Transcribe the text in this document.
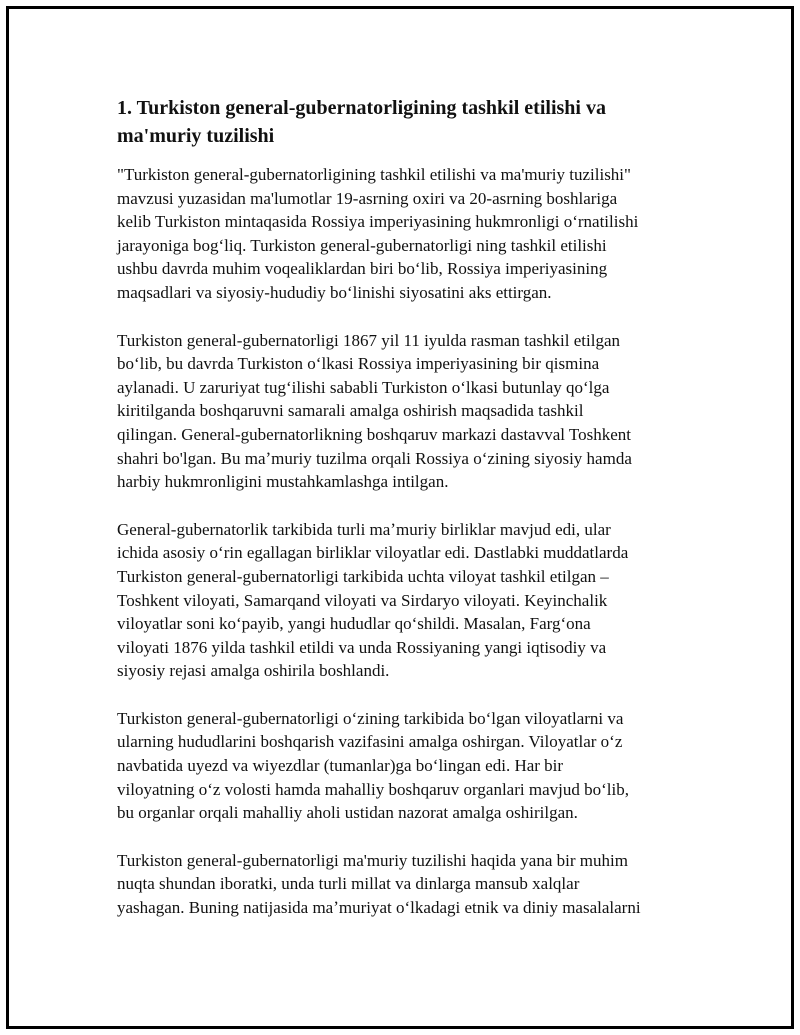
1. Turkiston general-gubernatorligining tashkil etilishi va
ma'muriy tuzilishi

"Turkiston general-gubernatorligining tashkil etilishi va ma'muriy tuzilishi"
mavzusi yuzasidan ma'lumotlar 19-asrning oxiri va 20-asrning boshlariga
kelib Turkiston mintaqasida Rossiya imperiyasining hukmronligi oʻrnatilishi
jarayoniga bogʻliq. Turkiston general-gubernatorligi ning tashkil etilishi
ushbu davrda muhim voqealiklardan biri boʻlib, Rossiya imperiyasining
maqsadlari va siyosiy-hududiy boʻlinishi siyosatini aks ettirgan.

Turkiston general-gubernatorligi 1867 yil 11 iyulda rasman tashkil etilgan
boʻlib, bu davrda Turkiston oʻlkasi Rossiya imperiyasining bir qismina
aylanadi. U zaruriyat tugʻilishi sababli Turkiston oʻlkasi butunlay qoʻlga
kiritilganda boshqaruvni samarali amalga oshirish maqsadida tashkil
qilingan. General-gubernatorlikning boshqaruv markazi dastavval Toshkent
shahri bo'lgan. Bu maʼmuriy tuzilma orqali Rossiya oʻzining siyosiy hamda
harbiy hukmronligini mustahkamlashga intilgan.

General-gubernatorlik tarkibida turli maʼmuriy birliklar mavjud edi, ular
ichida asosiy oʻrin egallagan birliklar viloyatlar edi. Dastlabki muddatlarda
Turkiston general-gubernatorligi tarkibida uchta viloyat tashkil etilgan –
Toshkent viloyati, Samarqand viloyati va Sirdaryo viloyati. Keyinchalik
viloyatlar soni koʻpayib, yangi hududlar qoʻshildi. Masalan, Fargʻona
viloyati 1876 yilda tashkil etildi va unda Rossiyaning yangi iqtisodiy va
siyosiy rejasi amalga oshirila boshlandi.

Turkiston general-gubernatorligi oʻzining tarkibida boʻlgan viloyatlarni va
ularning hududlarini boshqarish vazifasini amalga oshirgan. Viloyatlar oʻz
navbatida uyezd va wiyezdlar (tumanlar)ga boʻlingan edi. Har bir
viloyatning oʻz volosti hamda mahalliy boshqaruv organlari mavjud boʻlib,
bu organlar orqali mahalliy aholi ustidan nazorat amalga oshirilgan.

Turkiston general-gubernatorligi ma'muriy tuzilishi haqida yana bir muhim
nuqta shundan iboratki, unda turli millat va dinlarga mansub xalqlar
yashagan. Buning natijasida maʼmuriyat oʻlkadagi etnik va diniy masalalarni
